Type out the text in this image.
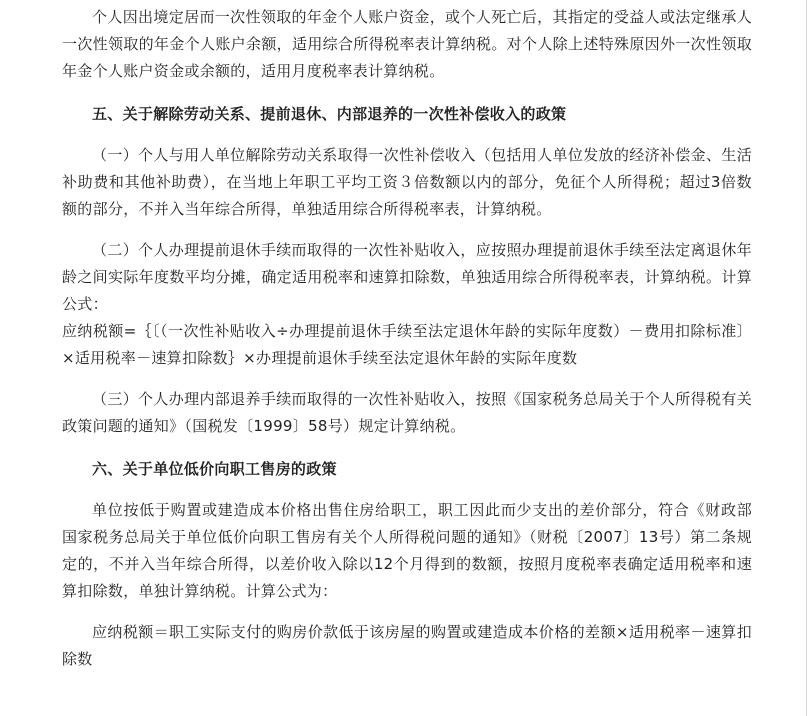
个人因出境定居而一次性领取的年金个人账户资金，或个人死亡后，其指定的受益人或法定继承人一次性领取的年金个人账户余额，适用综合所得税率表计算纳税。对个人除上述特殊原因外一次性领取年金个人账户资金或余额的，适用月度税率表计算纳税。

五、关于解除劳动关系、提前退休、内部退养的一次性补偿收入的政策

（一）个人与用人单位解除劳动关系取得一次性补偿收入（包括用人单位发放的经济补偿金、生活补助费和其他补助费），在当地上年职工平均工资３倍数额以内的部分，免征个人所得税；超过3倍数额的部分，不并入当年综合所得，单独适用综合所得税率表，计算纳税。

（二）个人办理提前退休手续而取得的一次性补贴收入，应按照办理提前退休手续至法定离退休年龄之间实际年度数平均分摊，确定适用税率和速算扣除数，单独适用综合所得税率表，计算纳税。计算公式：

应纳税额=｛〔（一次性补贴收入÷办理提前退休手续至法定退休年龄的实际年度数）－费用扣除标准〕×适用税率－速算扣除数｝×办理提前退休手续至法定退休年龄的实际年度数

（三）个人办理内部退养手续而取得的一次性补贴收入，按照《国家税务总局关于个人所得税有关政策问题的通知》（国税发〔1999〕58号）规定计算纳税。

六、关于单位低价向职工售房的政策

单位按低于购置或建造成本价格出售住房给职工，职工因此而少支出的差价部分，符合《财政部 国家税务总局关于单位低价向职工售房有关个人所得税问题的通知》（财税〔2007〕13号）第二条规定的，不并入当年综合所得，以差价收入除以12个月得到的数额，按照月度税率表确定适用税率和速算扣除数，单独计算纳税。计算公式为：

应纳税额＝职工实际支付的购房价款低于该房屋的购置或建造成本价格的差额×适用税率－速算扣除数
